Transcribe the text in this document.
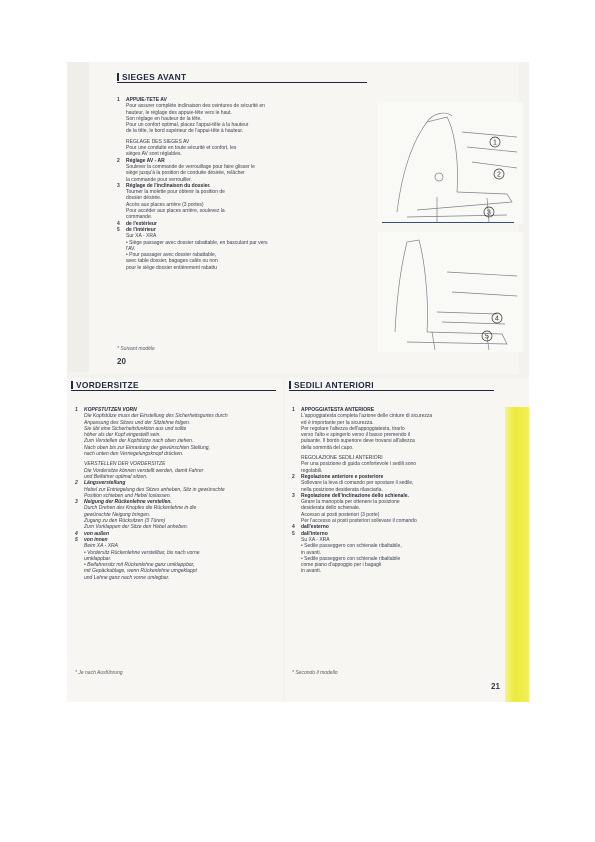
SIEGES AVANT
1 APPUIE-TETE AV
Pour assurer complète inclinaison des ceintures de sécurité en
hauteur, le réglage des appuie-tête vers le haut.
Son réglage en hauteur de la tête.
Pour un confort optimal, placez l'appui-tête à la hauteur
de la tête, le bord supérieur de l'appui-tête à hauteur.
RÉGLAGE DES SIEGES AV
Pour une conduite en toute sécurité et confort, les
sièges AV sont réglables.
2 Réglage AV - AR
Soulever la commande de verrouillage pour faire glisser le
siège jusqu'à la position de conduite désirée, relâcher
la commande pour verrouiller.
3 Réglage de l'inclinaison du dossier.
Tourner la molette pour obtenir la position de
dossier désirée.
Accès aux places arrière (3 portes)
Pour accéder aux places arrière, soulevez la
commande.
4 de l'extérieur
5 de l'intérieur
Sur XA - XRA
• Siège passager avec dossier rabattable, en basculant par vers
l'AV.
• Pour passager avec dossier rabattable,
avec table dossier, bagages calés ou non
pour le siège dossier entièrement rabattu
1
2
3
4
5
* Suivant modèle
20
VORDERSITZE
1 KOPFSTÜTZEN VORN
Die Kopfstütze muss der Einstellung des Sicherheitsgurtes durch
Anpassung des Sitzes und der Sitzlehne folgen.
Sie übt eine Sicherheitsfunktion aus und sollte
höher als der Kopf eingestellt sein.
Zum Verstellen der Kopfstütze nach oben ziehen.
Nach oben bis zur Einrastung der gewünschten Stellung,
nach unten den Verriegelungsknopf drücken.
VERSTELLEN DER VORDERSITZE
Die Vordersitze können verstellt werden, damit Fahrer
und Beifahrer optimal sitzen.
2 Längsverstellung
Hebel zur Entriegelung des Sitzes anheben, Sitz in gewünschte
Position schieben und Hebel loslassen.
3 Neigung der Rückenlehne verstellen.
Durch Drehen des Knopfes die Rückenlehne in die
gewünschte Neigung bringen.
Zugang zu den Rücksitzen (3 Türen)
Zum Vorklappen der Sitze den Hebel anheben.
4 von außen
5 von innen
Beim XA - XRA
• Vordersitz Rückenlehne verstellbar, bis nach vorne
umklappbar.
• Beifahrersitz mit Rückenlehne ganz umklappbar,
mit Gepäckablage, wenn Rückenlehne umgeklappt
und Lehne ganz nach vorne umlegbar.
* Je nach Ausführung
SEDILI ANTERIORI
1 APPOGGIATESTA ANTERIORE
L'appoggiatesta completa l'azione delle cinture di sicurezza
ed è importante per la sicurezza.
Per regolare l'altezza dell'appoggiatesta, tirarlo
verso l'alto e spingerlo verso il basso premendo il
pulsante. Il bordo superiore deve trovarsi all'altezza
della sommità del capo.
REGOLAZIONE SEDILI ANTERIORI
Per una posizione di guida confortevole i sedili sono
regolabili.
2 Regolazione anteriore e posteriore
Sollevare la leva di comando per spostare il sedile,
nella posizione desiderata rilasciarla.
3 Regolazione dell'inclinazione dello schienale.
Girare la manopola per ottenere la posizione
desiderata dello schienale.
Accesso ai posti posteriori (3 porte)
Per l'accesso ai posti posteriori sollevare il comando
4 dall'esterno
5 dall'interno
Su XA - XRA
• Sedile passeggero con schienale ribaltabile,
in avanti.
• Sedile passeggero con schienale ribaltabile
come piano d'appoggio per i bagagli
in avanti.
* Secondo il modello
21
